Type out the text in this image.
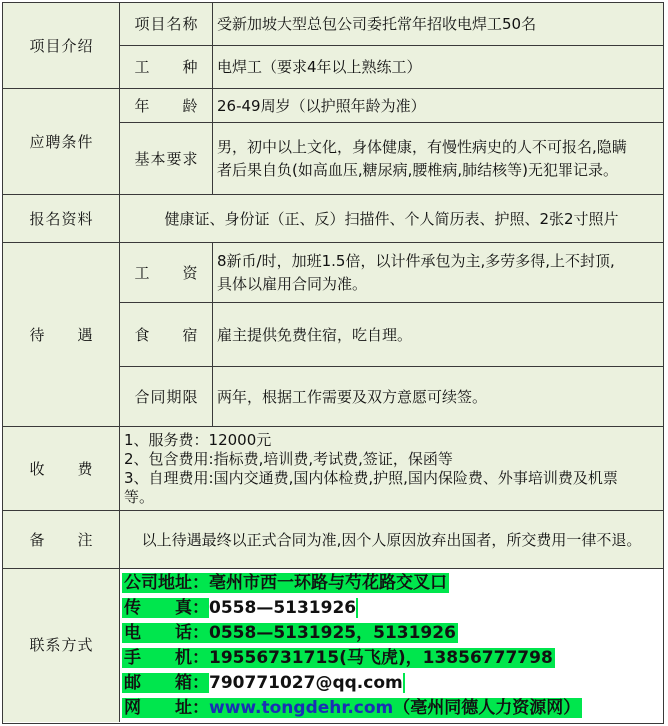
项目介绍
应聘条件
报名资料
待　　遇
收　　费
备　　注
联系方式
项目名称
工　　种
年　　龄
基本要求
工　　资
食　　宿
合同期限
受新加坡大型总包公司委托常年招收电焊工50名
电焊工（要求4年以上熟练工）
26-49周岁（以护照年龄为准）
男，初中以上文化，身体健康，有慢性病史的人不可报名,隐瞒
者后果自负(如高血压,糖尿病,腰椎病,肺结核等)无犯罪记录。
健康证、身份证（正、反）扫描件、个人简历表、护照、2张2寸照片
8新币/时，加班1.5倍，以计件承包为主,多劳多得,上不封顶,
具体以雇用合同为准。
雇主提供免费住宿，吃自理。
两年，根据工作需要及双方意愿可续签。
1、服务费：12000元
2、包含费用:指标费,培训费,考试费,签证，保函等
3、自理费用:国内交通费,国内体检费,护照,国内保险费、外事培训费及机票
等。
以上待遇最终以正式合同为准,因个人原因放弃出国者，所交费用一律不退。
公司地址：亳州市西一环路与芍花路交叉口
传　　真：0558—5131926
电　　话：0558—5131925，5131926
手　　机：19556731715(马飞虎)，13856777798
邮　　箱：790771027@qq.com
网　　址：www.tongdehr.com（亳州同德人力资源网）
